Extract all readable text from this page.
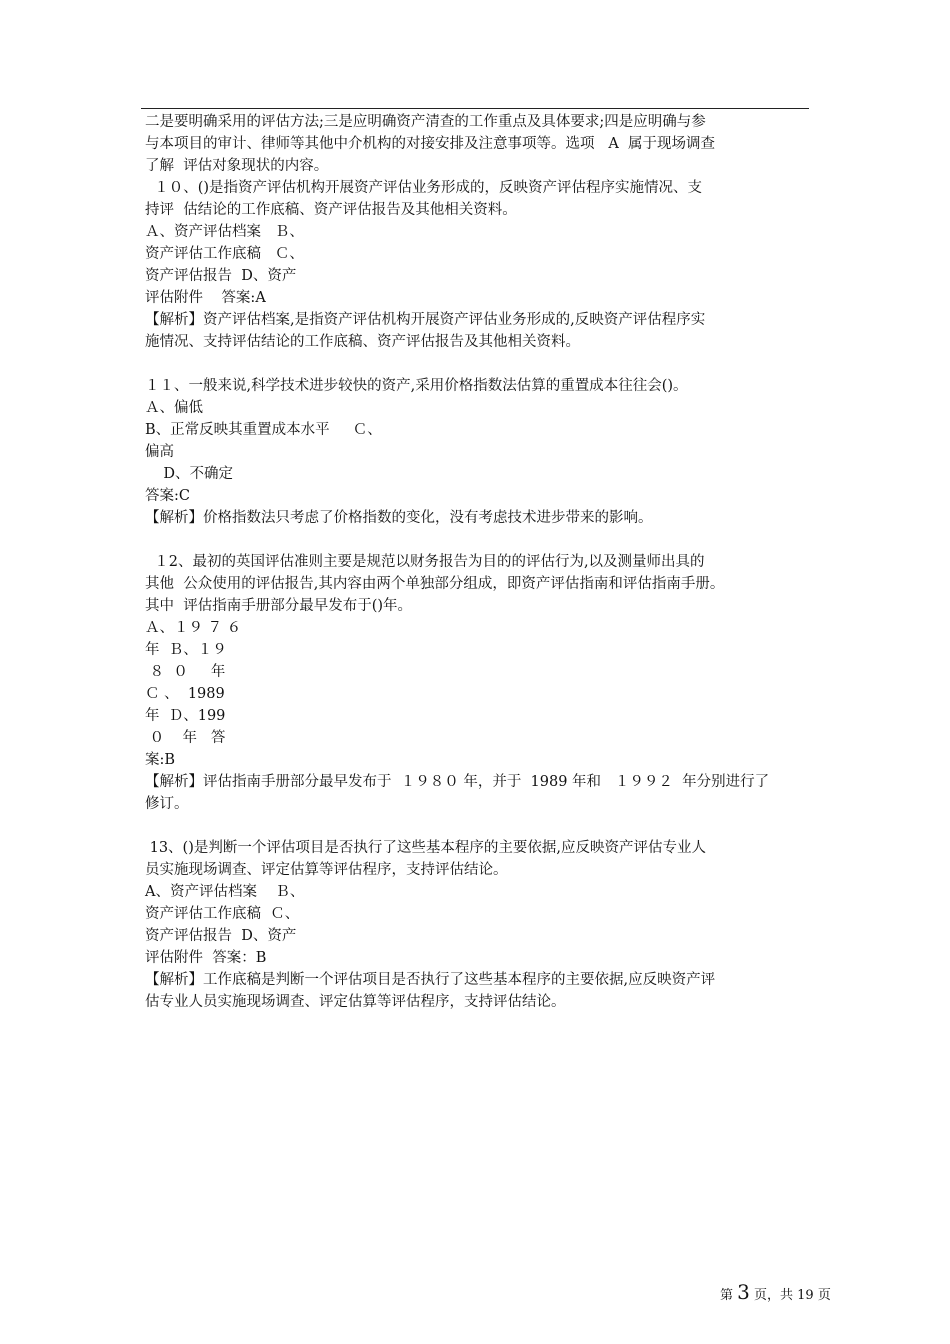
二是要明确采用的评估方法;三是应明确资产清查的工作重点及具体要求;四是应明确与参
与本项目的审计、律师等其他中介机构的对接安排及注意事项等。选项   A  属于现场调查
了解  评估对象现状的内容。
１０、()是指资产评估机构开展资产评估业务形成的，反映资产评估程序实施情况、支
持评  估结论的工作底稿、资产评估报告及其他相关资料。
Ａ、资产评估档案   Ｂ、
资产评估工作底稿   Ｃ、
资产评估报告  D、资产
评估附件    答案:A
【解析】资产评估档案,是指资产评估机构开展资产评估业务形成的,反映资产评估程序实
施情况、支持评估结论的工作底稿、资产评估报告及其他相关资料。
１１、一般来说,科学技术进步较快的资产,采用价格指数法估算的重置成本往往会()。
Ａ、偏低
B、正常反映其重置成本水平     Ｃ、
偏高
D、不确定
答案:C
【解析】价格指数法只考虑了价格指数的变化，没有考虑技术进步带来的影响。
１2、最初的英国评估准则主要是规范以财务报告为目的的评估行为,以及测量师出具的
其他  公众使用的评估报告,其内容由两个单独部分组成，即资产评估指南和评估指南手册。
其中  评估指南手册部分最早发布于()年。
Ａ、１９ ７ ６
年  Ｂ、１９
８  ０     年
Ｃ 、  1989
年  Ｄ、199
０    年   答
案:B
【解析】评估指南手册部分最早发布于  １９８０ 年，并于  1989 年和   １９９２  年分别进行了
修订。
13、()是判断一个评估项目是否执行了这些基本程序的主要依据,应反映资产评估专业人
员实施现场调查、评定估算等评估程序，支持评估结论。
A、资产评估档案    Ｂ、
资产评估工作底稿  Ｃ、
资产评估报告  D、资产
评估附件  答案：B
【解析】工作底稿是判断一个评估项目是否执行了这些基本程序的主要依据,应反映资产评
估专业人员实施现场调查、评定估算等评估程序，支持评估结论。
第 3 页，共 19 页
